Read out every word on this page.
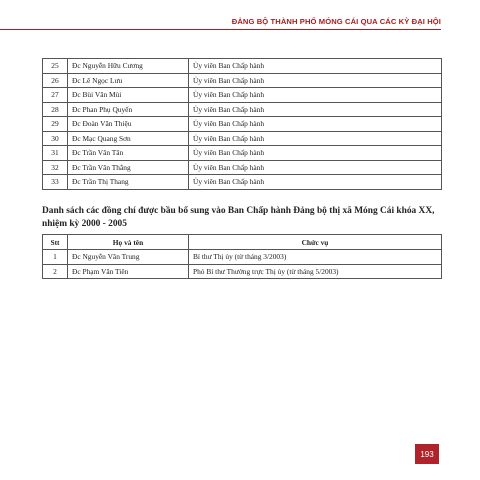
ĐẢNG BỘ THÀNH PHỐ MÓNG CÁI QUA CÁC KỲ ĐẠI HỘI
25	Đc Nguyễn Hữu Cương	Ủy viên Ban Chấp hành
26	Đc Lê Ngọc Lưu	Ủy viên Ban Chấp hành
27	Đc Bùi Văn Mùi	Ủy viên Ban Chấp hành
28	Đc Phan Phụ Quyến	Ủy viên Ban Chấp hành
29	Đc Đoàn Văn Thiệu	Ủy viên Ban Chấp hành
30	Đc Mạc Quang Sơn	Ủy viên Ban Chấp hành
31	Đc Trần Văn Tân	Ủy viên Ban Chấp hành
32	Đc Trần Văn Thắng	Ủy viên Ban Chấp hành
33	Đc Trần Thị Thang	Ủy viên Ban Chấp hành
Danh sách các đồng chí được bầu bổ sung vào Ban Chấp hành Đảng bộ thị xã Móng Cái khóa XX, nhiệm kỳ 2000 - 2005
Stt	Họ và tên	Chức vụ
1	Đc Nguyễn Văn Trung	Bí thư Thị ủy (từ tháng 3/2003)
2	Đc Phạm Văn Tiên	Phó Bí thư Thường trực Thị ủy (từ tháng 5/2003)
193
